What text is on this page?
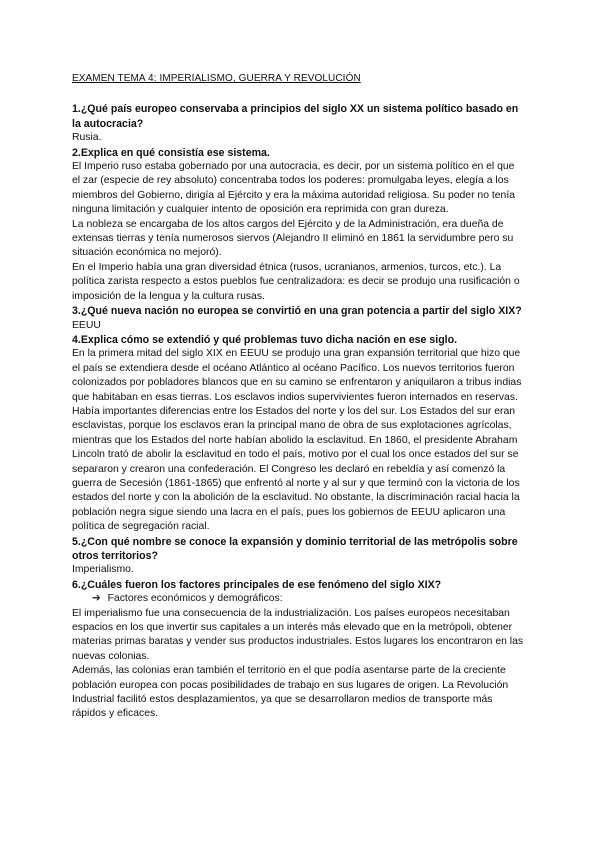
EXAMEN TEMA 4: IMPERIALISMO, GUERRA Y REVOLUCIÓN
1.¿Qué país europeo conservaba a principios del siglo XX un sistema político basado en la autocracia?
Rusia.
2.Explica en qué consistía ese sistema.
El Imperio ruso estaba gobernado por una autocracia, es decir, por un sistema político en el que el zar (especie de rey absoluto) concentraba todos los poderes: promulgaba leyes, elegía a los miembros del Gobierno, dirigía al Ejército y era la máxima autoridad religiosa. Su poder no tenía ninguna limitación y cualquier intento de oposición era reprimida con gran dureza.
La nobleza se encargaba de los altos cargos del Ejército y de la Administración, era dueña de extensas tierras y tenía numerosos siervos (Alejandro II eliminó en 1861 la servidumbre pero su situación económica no mejoró).
En el Imperio había una gran diversidad étnica (rusos, ucranianos, armenios, turcos, etc.). La política zarista respecto a estos pueblos fue centralizadora: es decir se produjo una rusificación o imposición de la lengua y la cultura rusas.
3.¿Qué nueva nación no europea se convirtió en una gran potencia a partir del siglo XIX?
EEUU
4.Explica cómo se extendió y qué problemas tuvo dicha nación en ese siglo.
En la primera mitad del siglo XIX en EEUU se produjo una gran expansión territorial que hizo que el país se extendiera desde el océano Atlántico al océano Pacífico. Los nuevos territorios fueron colonizados por pobladores blancos que en su camino se enfrentaron y aniquilaron a tribus indias que habitaban en esas tierras. Los esclavos indios supervivientes fueron internados en reservas.
Había importantes diferencias entre los Estados del norte y los del sur. Los Estados del sur eran esclavistas, porque los esclavos eran la principal mano de obra de sus explotaciones agrícolas, mientras que los Estados del norte habían abolido la esclavitud. En 1860, el presidente Abraham Lincoln trató de abolir la esclavitud en todo el país, motivo por el cual los once estados del sur se separaron y crearon una confederación. El Congreso les declaró en rebeldía y así comenzó la guerra de Secesión (1861-1865) que enfrentó al norte y al sur y que terminó con la victoria de los estados del norte y con la abolición de la esclavitud. No obstante, la discriminación racial hacia la población negra sigue siendo una lacra en el país, pues los gobiernos de EEUU aplicaron una política de segregación racial.
5.¿Con qué nombre se conoce la expansión y dominio territorial de las metrópolis sobre otros territorios?
Imperialismo.
6.¿Cuáles fueron los factores principales de ese fenómeno del siglo XIX?
➔ Factores económicos y demográficos:
El imperialismo fue una consecuencia de la industrialización. Los países europeos necesitaban espacios en los que invertir sus capitales a un interés más elevado que en la metrópoli, obtener materias primas baratas y vender sus productos industriales. Estos lugares los encontraron en las nuevas colonias.
Además, las colonias eran también el territorio en el que podía asentarse parte de la creciente población europea con pocas posibilidades de trabajo en sus lugares de origen. La Revolución Industrial facilitó estos desplazamientos, ya que se desarrollaron medios de transporte más rápidos y eficaces.
